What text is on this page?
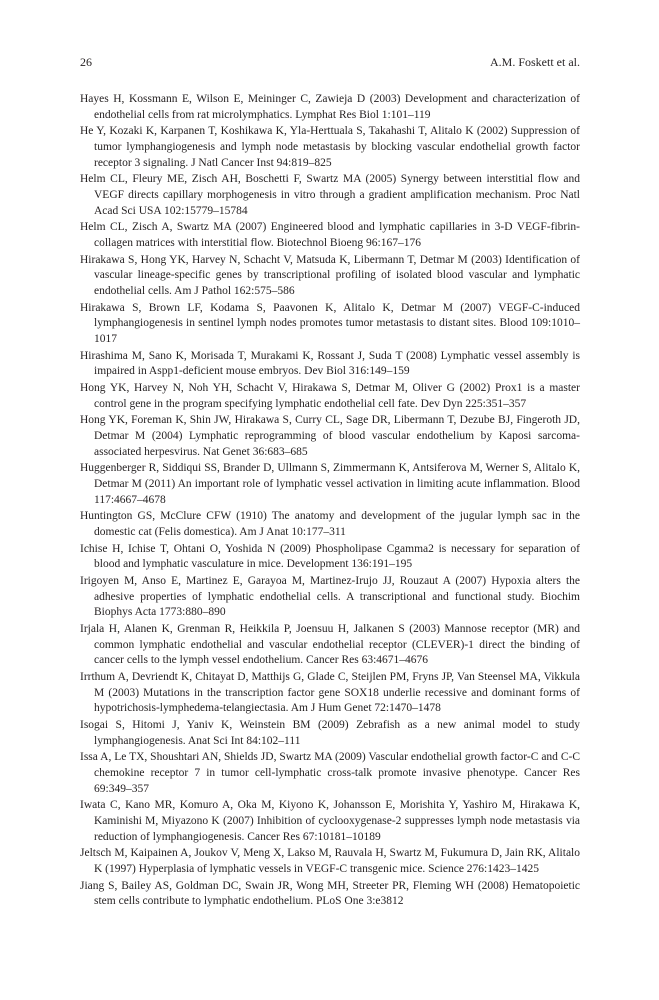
26	A.M. Foskett et al.
Hayes H, Kossmann E, Wilson E, Meininger C, Zawieja D (2003) Development and characterization of endothelial cells from rat microlymphatics. Lymphat Res Biol 1:101–119
He Y, Kozaki K, Karpanen T, Koshikawa K, Yla-Herttuala S, Takahashi T, Alitalo K (2002) Suppression of tumor lymphangiogenesis and lymph node metastasis by blocking vascular endothelial growth factor receptor 3 signaling. J Natl Cancer Inst 94:819–825
Helm CL, Fleury ME, Zisch AH, Boschetti F, Swartz MA (2005) Synergy between interstitial flow and VEGF directs capillary morphogenesis in vitro through a gradient amplification mechanism. Proc Natl Acad Sci USA 102:15779–15784
Helm CL, Zisch A, Swartz MA (2007) Engineered blood and lymphatic capillaries in 3-D VEGF-fibrin-collagen matrices with interstitial flow. Biotechnol Bioeng 96:167–176
Hirakawa S, Hong YK, Harvey N, Schacht V, Matsuda K, Libermann T, Detmar M (2003) Identification of vascular lineage-specific genes by transcriptional profiling of isolated blood vascular and lymphatic endothelial cells. Am J Pathol 162:575–586
Hirakawa S, Brown LF, Kodama S, Paavonen K, Alitalo K, Detmar M (2007) VEGF-C-induced lymphangiogenesis in sentinel lymph nodes promotes tumor metastasis to distant sites. Blood 109:1010–1017
Hirashima M, Sano K, Morisada T, Murakami K, Rossant J, Suda T (2008) Lymphatic vessel assembly is impaired in Aspp1-deficient mouse embryos. Dev Biol 316:149–159
Hong YK, Harvey N, Noh YH, Schacht V, Hirakawa S, Detmar M, Oliver G (2002) Prox1 is a master control gene in the program specifying lymphatic endothelial cell fate. Dev Dyn 225:351–357
Hong YK, Foreman K, Shin JW, Hirakawa S, Curry CL, Sage DR, Libermann T, Dezube BJ, Fingeroth JD, Detmar M (2004) Lymphatic reprogramming of blood vascular endothelium by Kaposi sarcoma-associated herpesvirus. Nat Genet 36:683–685
Huggenberger R, Siddiqui SS, Brander D, Ullmann S, Zimmermann K, Antsiferova M, Werner S, Alitalo K, Detmar M (2011) An important role of lymphatic vessel activation in limiting acute inflammation. Blood 117:4667–4678
Huntington GS, McClure CFW (1910) The anatomy and development of the jugular lymph sac in the domestic cat (Felis domestica). Am J Anat 10:177–311
Ichise H, Ichise T, Ohtani O, Yoshida N (2009) Phospholipase Cgamma2 is necessary for separation of blood and lymphatic vasculature in mice. Development 136:191–195
Irigoyen M, Anso E, Martinez E, Garayoa M, Martinez-Irujo JJ, Rouzaut A (2007) Hypoxia alters the adhesive properties of lymphatic endothelial cells. A transcriptional and functional study. Biochim Biophys Acta 1773:880–890
Irjala H, Alanen K, Grenman R, Heikkila P, Joensuu H, Jalkanen S (2003) Mannose receptor (MR) and common lymphatic endothelial and vascular endothelial receptor (CLEVER)-1 direct the binding of cancer cells to the lymph vessel endothelium. Cancer Res 63:4671–4676
Irrthum A, Devriendt K, Chitayat D, Matthijs G, Glade C, Steijlen PM, Fryns JP, Van Steensel MA, Vikkula M (2003) Mutations in the transcription factor gene SOX18 underlie recessive and dominant forms of hypotrichosis-lymphedema-telangiectasia. Am J Hum Genet 72:1470–1478
Isogai S, Hitomi J, Yaniv K, Weinstein BM (2009) Zebrafish as a new animal model to study lymphangiogenesis. Anat Sci Int 84:102–111
Issa A, Le TX, Shoushtari AN, Shields JD, Swartz MA (2009) Vascular endothelial growth factor-C and C-C chemokine receptor 7 in tumor cell-lymphatic cross-talk promote invasive phenotype. Cancer Res 69:349–357
Iwata C, Kano MR, Komuro A, Oka M, Kiyono K, Johansson E, Morishita Y, Yashiro M, Hirakawa K, Kaminishi M, Miyazono K (2007) Inhibition of cyclooxygenase-2 suppresses lymph node metastasis via reduction of lymphangiogenesis. Cancer Res 67:10181–10189
Jeltsch M, Kaipainen A, Joukov V, Meng X, Lakso M, Rauvala H, Swartz M, Fukumura D, Jain RK, Alitalo K (1997) Hyperplasia of lymphatic vessels in VEGF-C transgenic mice. Science 276:1423–1425
Jiang S, Bailey AS, Goldman DC, Swain JR, Wong MH, Streeter PR, Fleming WH (2008) Hematopoietic stem cells contribute to lymphatic endothelium. PLoS One 3:e3812
